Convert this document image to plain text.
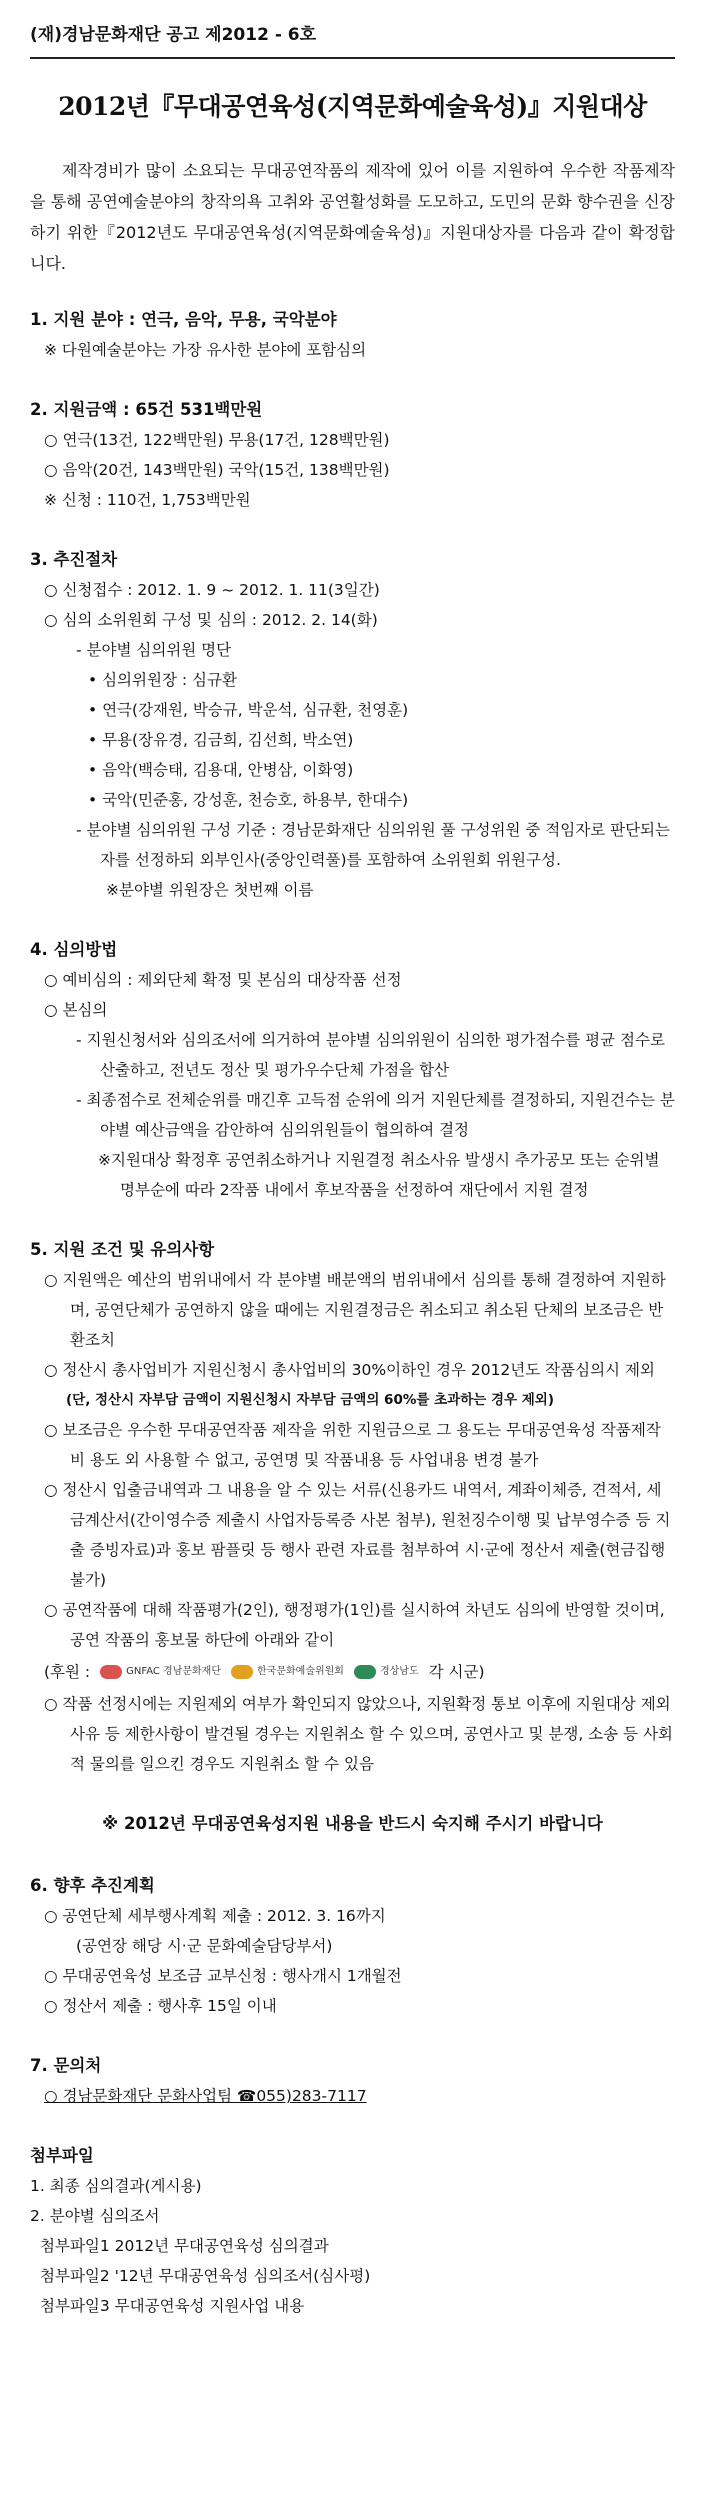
(재)경남문화재단 공고 제2012 - 6호
2012년『무대공연육성(지역문화예술육성)』지원대상

제작경비가 많이 소요되는 무대공연작품의 제작에 있어 이를 지원하여 우수한 작품제작을 통해 공연예술분야의 창작의욕 고취와 공연활성화를 도모하고, 도민의 문화 향수권을 신장하기 위한『2012년도 무대공연육성(지역문화예술육성)』지원대상자를 다음과 같이 확정합니다.

1. 지원 분야 : 연극, 음악, 무용, 국악분야
※ 다원예술분야는 가장 유사한 분야에 포함심의
2. 지원금액 : 65건 531백만원
○ 연극(13건, 122백만원) 무용(17건, 128백만원)
○ 음악(20건, 143백만원) 국악(15건, 138백만원)
※ 신청 : 110건, 1,753백만원
3. 추진절차
○ 신청접수 : 2012. 1. 9 ~ 2012. 1. 11(3일간)
○ 심의 소위원회 구성 및 심의 : 2012. 2. 14(화)
- 분야별 심의위원 명단
• 심의위원장 : 심규환
• 연극(강재원, 박승규, 박운석, 심규환, 천영훈)
• 무용(장유경, 김금희, 김선희, 박소연)
• 음악(백승태, 김용대, 안병삼, 이화영)
• 국악(민준홍, 강성훈, 천승호, 하용부, 한대수)
- 분야별 심의위원 구성 기준 : 경남문화재단 심의위원 풀 구성위원 중 적임자로 판단되는 자를 선정하되 외부인사(중앙인력풀)를 포함하여 소위원회 위원구성.
※분야별 위원장은 첫번째 이름
4. 심의방법
○ 예비심의 : 제외단체 확정 및 본심의 대상작품 선정
○ 본심의
- 지원신청서와 심의조서에 의거하여 분야별 심의위원이 심의한 평가점수를 평균 점수로 산출하고, 전년도 정산 및 평가우수단체 가점을 합산
- 최종점수로 전체순위를 매긴후 고득점 순위에 의거 지원단체를 결정하되, 지원건수는 분야별 예산금액을 감안하여 심의위원들이 협의하여 결정
※지원대상 확정후 공연취소하거나 지원결정 취소사유 발생시 추가공모 또는 순위별 명부순에 따라 2작품 내에서 후보작품을 선정하여 재단에서 지원 결정
5. 지원 조건 및 유의사항
○ 지원액은 예산의 범위내에서 각 분야별 배분액의 범위내에서 심의를 통해 결정하여 지원하며, 공연단체가 공연하지 않을 때에는 지원결정금은 취소되고 취소된 단체의 보조금은 반환조치
○ 정산시 총사업비가 지원신청시 총사업비의 30%이하인 경우 2012년도 작품심의시 제외
(단, 정산시 자부담 금액이 지원신청시 자부담 금액의 60%를 초과하는 경우 제외)
○ 보조금은 우수한 무대공연작품 제작을 위한 지원금으로 그 용도는 무대공연육성 작품제작비 용도 외 사용할 수 없고, 공연명 및 작품내용 등 사업내용 변경 불가
○ 정산시 입출금내역과 그 내용을 알 수 있는 서류(신용카드 내역서, 계좌이체증, 견적서, 세금계산서(간이영수증 제출시 사업자등록증 사본 첨부), 원천징수이행 및 납부영수증 등 지출 증빙자료)과 홍보 팜플릿 등 행사 관련 자료를 첨부하여 시·군에 정산서 제출(현금집행 불가)
○ 공연작품에 대해 작품평가(2인), 행정평가(1인)를 실시하여 차년도 심의에 반영할 것이며, 공연 작품의 홍보물 하단에 아래와 같이
(후원 :	GNFAC 경남문화재단	한국문화예술위원회	경상남도 각 시군)
○ 작품 선정시에는 지원제외 여부가 확인되지 않았으나, 지원확정 통보 이후에 지원대상 제외사유 등 제한사항이 발견될 경우는 지원취소 할 수 있으며, 공연사고 및 분쟁, 소송 등 사회적 물의를 일으킨 경우도 지원취소 할 수 있음
※ 2012년 무대공연육성지원 내용을 반드시 숙지해 주시기 바랍니다
6. 향후 추진계획
○ 공연단체 세부행사계획 제출 : 2012. 3. 16까지
(공연장 해당 시·군 문화예술담당부서)
○ 무대공연육성 보조금 교부신청 : 행사개시 1개월전
○ 정산서 제출 : 행사후 15일 이내
7. 문의처
○ 경남문화재단 문화사업팀 ☎055)283-7117
첨부파일
1. 최종 심의결과(게시용)
2. 분야별 심의조서
첨부파일1 2012년 무대공연육성 심의결과
첨부파일2 '12년 무대공연육성 심의조서(심사평)
첨부파일3 무대공연육성 지원사업 내용
